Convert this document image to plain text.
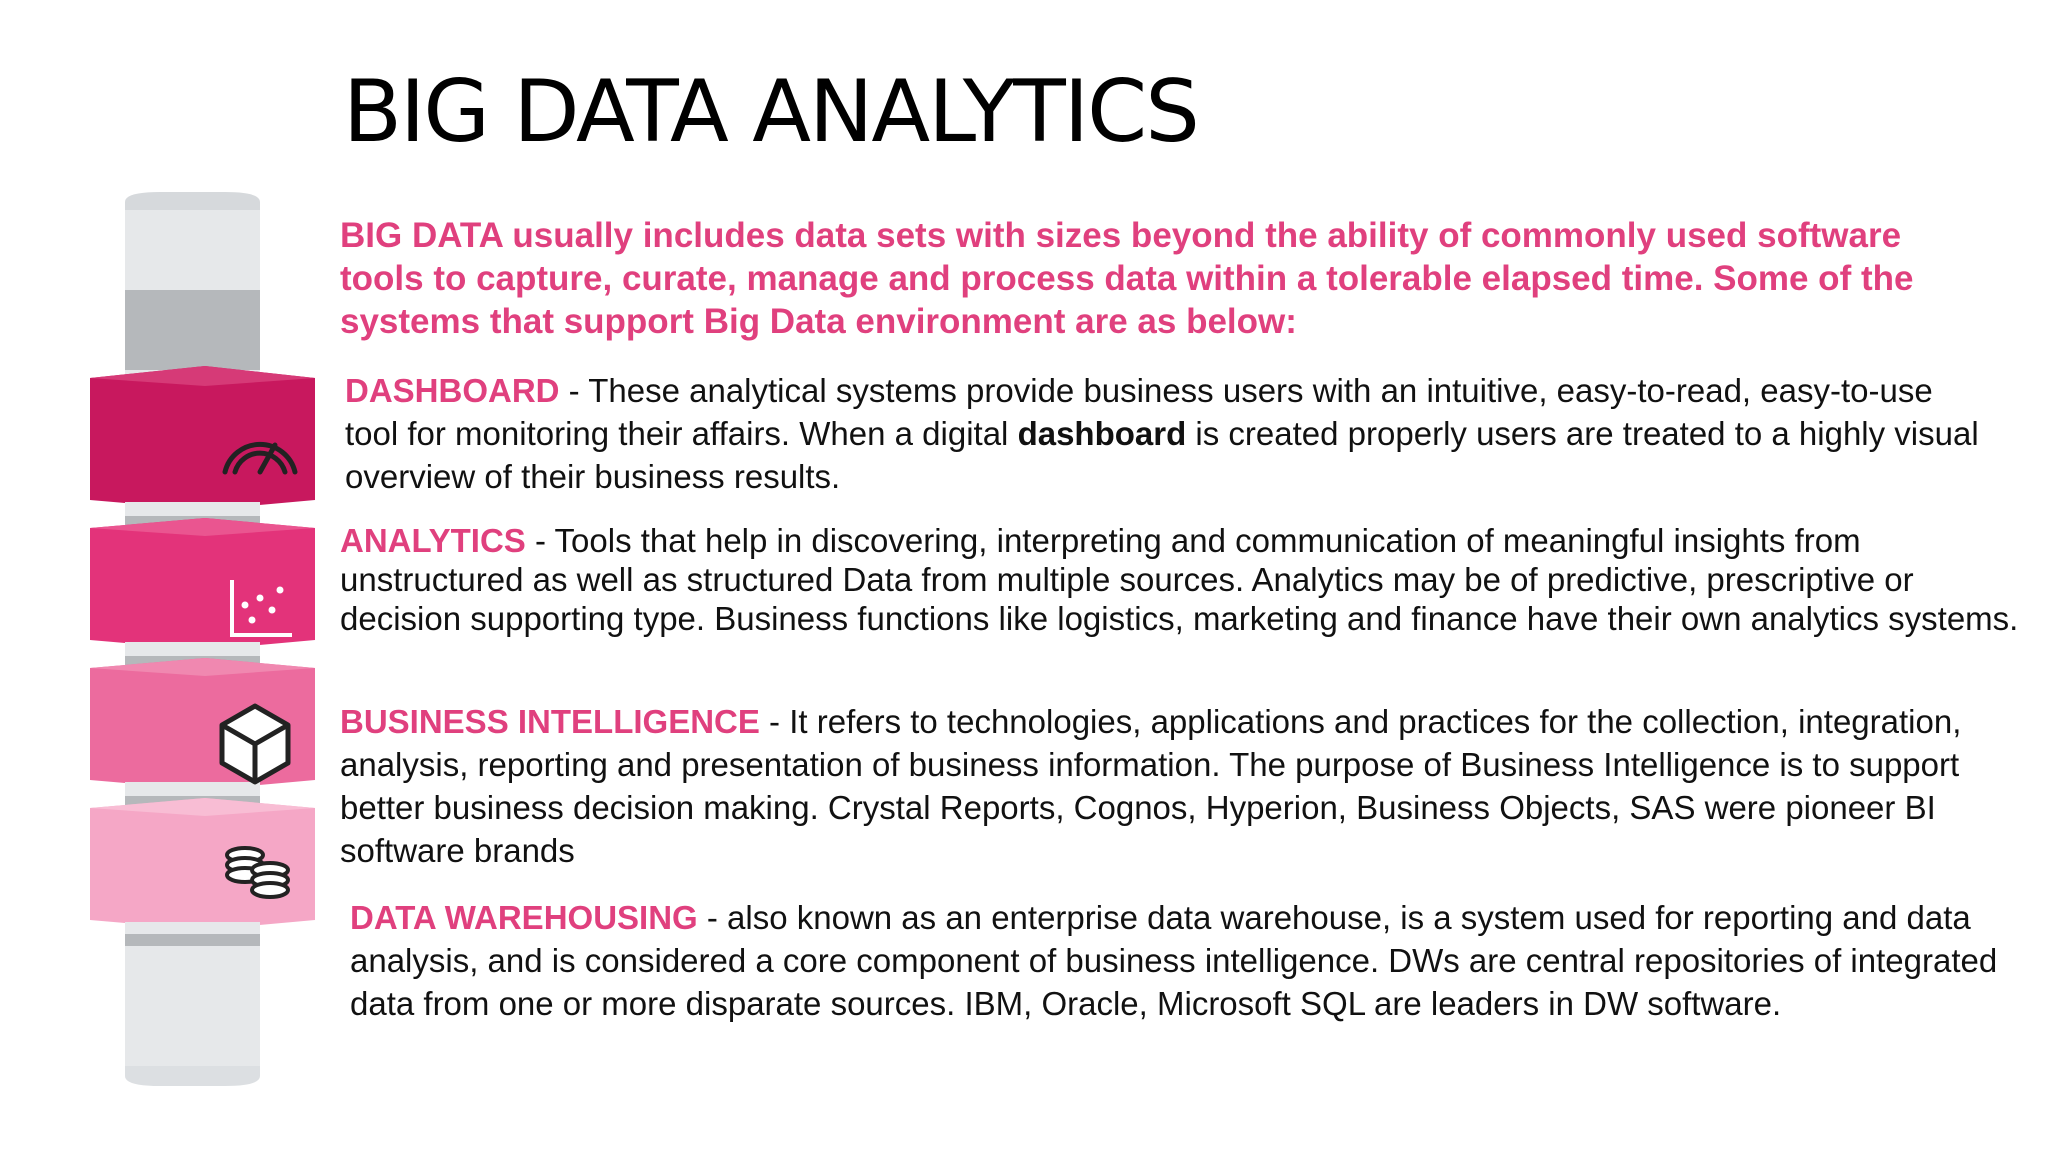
BIG DATA ANALYTICS
BIG DATA usually includes data sets with sizes beyond the ability of commonly used software tools to capture, curate, manage and process data within a tolerable elapsed time. Some of the systems that support Big Data environment are as below:
DASHBOARD - These analytical systems provide business users with an intuitive, easy-to-read, easy-to-use tool for monitoring their affairs. When a digital dashboard is created properly users are treated to a highly visual overview of their business results.
ANALYTICS - Tools that help in discovering, interpreting and communication of meaningful insights from unstructured as well as structured Data from multiple sources. Analytics may be of predictive, prescriptive or decision supporting type. Business functions like logistics, marketing and finance have their own analytics systems.
BUSINESS INTELLIGENCE - It refers to technologies, applications and practices for the collection, integration, analysis, reporting and presentation of business information. The purpose of Business Intelligence is to support better business decision making. Crystal Reports, Cognos, Hyperion, Business Objects, SAS were pioneer BI software brands
DATA WAREHOUSING - also known as an enterprise data warehouse, is a system used for reporting and data analysis, and is considered a core component of business intelligence. DWs are central repositories of integrated data from one or more disparate sources. IBM, Oracle, Microsoft SQL are leaders in DW software.
